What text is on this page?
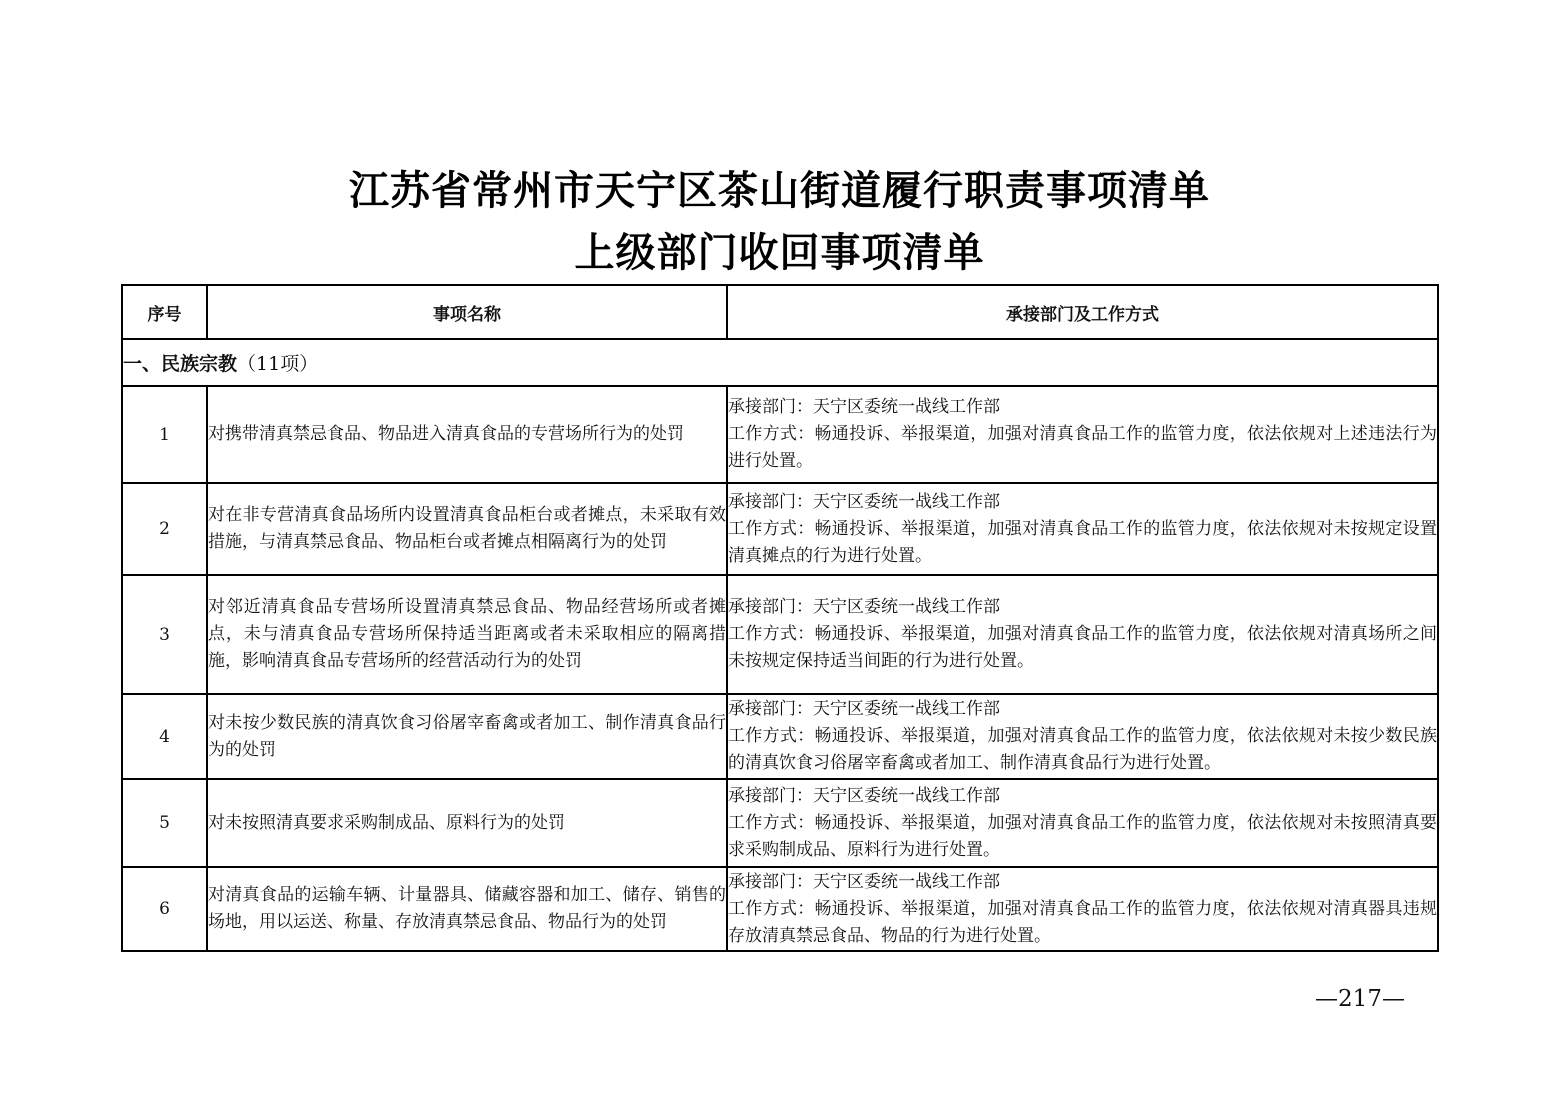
江苏省常州市天宁区茶山街道履行职责事项清单
上级部门收回事项清单
序号	事项名称	承接部门及工作方式
一、民族宗教（11项）		
1	对携带清真禁忌食品、物品进入清真食品的专营场所行为的处罚	承接部门：天宁区委统一战线工作部
工作方式：畅通投诉、举报渠道，加强对清真食品工作的监管力度，依法依规对上述违法行为进行处置。

2	对在非专营清真食品场所内设置清真食品柜台或者摊点，未采取有效措施，与清真禁忌食品、物品柜台或者摊点相隔离行为的处罚	承接部门：天宁区委统一战线工作部
工作方式：畅通投诉、举报渠道，加强对清真食品工作的监管力度，依法依规对未按规定设置清真摊点的行为进行处置。

3	对邻近清真食品专营场所设置清真禁忌食品、物品经营场所或者摊点，未与清真食品专营场所保持适当距离或者未采取相应的隔离措施，影响清真食品专营场所的经营活动行为的处罚	承接部门：天宁区委统一战线工作部
工作方式：畅通投诉、举报渠道，加强对清真食品工作的监管力度，依法依规对清真场所之间未按规定保持适当间距的行为进行处置。

4	对未按少数民族的清真饮食习俗屠宰畜禽或者加工、制作清真食品行为的处罚	承接部门：天宁区委统一战线工作部
工作方式：畅通投诉、举报渠道，加强对清真食品工作的监管力度，依法依规对未按少数民族的清真饮食习俗屠宰畜禽或者加工、制作清真食品行为进行处置。

5	对未按照清真要求采购制成品、原料行为的处罚	承接部门：天宁区委统一战线工作部
工作方式：畅通投诉、举报渠道，加强对清真食品工作的监管力度，依法依规对未按照清真要求采购制成品、原料行为进行处置。

6	对清真食品的运输车辆、计量器具、储藏容器和加工、储存、销售的场地，用以运送、称量、存放清真禁忌食品、物品行为的处罚	承接部门：天宁区委统一战线工作部
工作方式：畅通投诉、举报渠道，加强对清真食品工作的监管力度，依法依规对清真器具违规存放清真禁忌食品、物品的行为进行处置。
—217—
